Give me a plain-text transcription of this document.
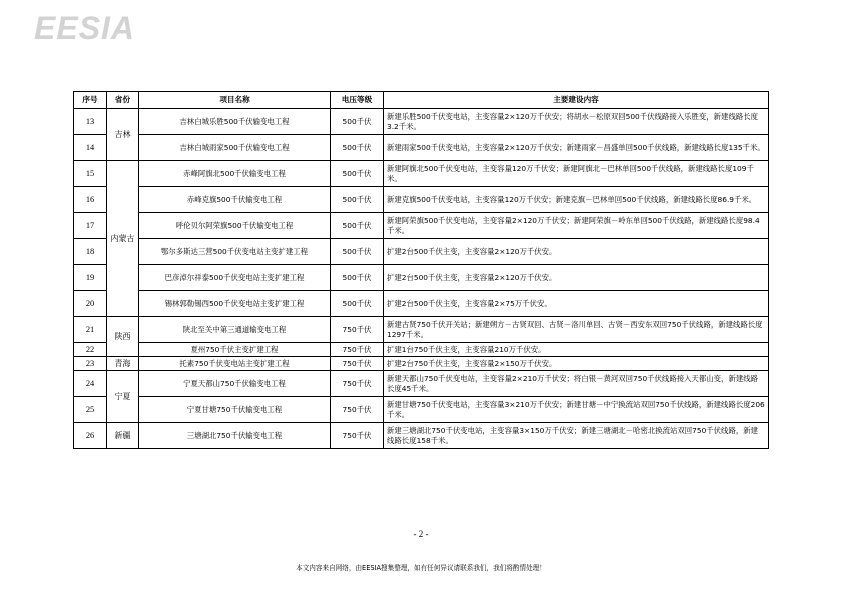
EESIA
序号	省份	项目名称	电压等级	主要建设内容
13	吉林	吉林白城乐胜500千伏输变电工程	500千伏	新建乐胜500千伏变电站，主变容量2×120万千伏安；将胡水－松原双回500千伏线路接入乐胜变，新建线路长度3.2千米。
14		吉林白城雨家500千伏输变电工程	500千伏	新建雨家500千伏变电站，主变容量2×120万千伏安；新建雨家－昌盛单回500千伏线路，新建线路长度135千米。
15	内蒙古	赤峰阿旗北500千伏输变电工程	500千伏	新建阿旗北500千伏变电站，主变容量120万千伏安；新建阿旗北－巴林单回500千伏线路，新建线路长度109千米。
16		赤峰克旗500千伏输变电工程	500千伏	新建克旗500千伏变电站，主变容量120万千伏安；新建克旗－巴林单回500千伏线路，新建线路长度86.9千米。
17		呼伦贝尔阿荣旗500千伏输变电工程	500千伏	新建阿荣旗500千伏变电站，主变容量2×120万千伏安；新建阿荣旗－岭东单回500千伏线路，新建线路长度98.4千米。
18		鄂尔多斯达三营500千伏变电站主变扩建工程	500千伏	扩建2台500千伏主变，主变容量2×120万千伏安。
19		巴彦淖尔祥泰500千伏变电站主变扩建工程	500千伏	扩建2台500千伏主变，主变容量2×120万千伏安。
20		锡林郭勒锡西500千伏变电站主变扩建工程	500千伏	扩建2台500千伏主变，主变容量2×75万千伏安。
21	陕西	陕北至关中第三通道输变电工程	750千伏	新建古贤750千伏开关站；新建朔方－古贤双回、古贤－洛川单回、古贤－西安东双回750千伏线路，新建线路长度1297千米。
22		夏州750千伏主变扩建工程	750千伏	扩建1台750千伏主变，主变容量210万千伏安。
23	青海	托素750千伏变电站主变扩建工程	750千伏	扩建2台750千伏主变，主变容量2×150万千伏安。
24	宁夏	宁夏天都山750千伏输变电工程	750千伏	新建天都山750千伏变电站，主变容量2×210万千伏安；将白银－黄河双回750千伏线路接入天都山变，新建线路长度45千米。
25		宁夏甘塘750千伏输变电工程	750千伏	新建甘塘750千伏变电站，主变容量3×210万千伏安；新建甘塘－中宁换流站双回750千伏线路，新建线路长度206千米。
26	新疆	三塘湖北750千伏输变电工程	750千伏	新建三塘湖北750千伏变电站，主变容量3×150万千伏安；新建三塘湖北－哈密北换流站双回750千伏线路，新建线路长度158千米。
- 2 -
本文内容来自网络，由EESIA搜集整理，如有任何异议请联系我们，我们将酌情处理！
